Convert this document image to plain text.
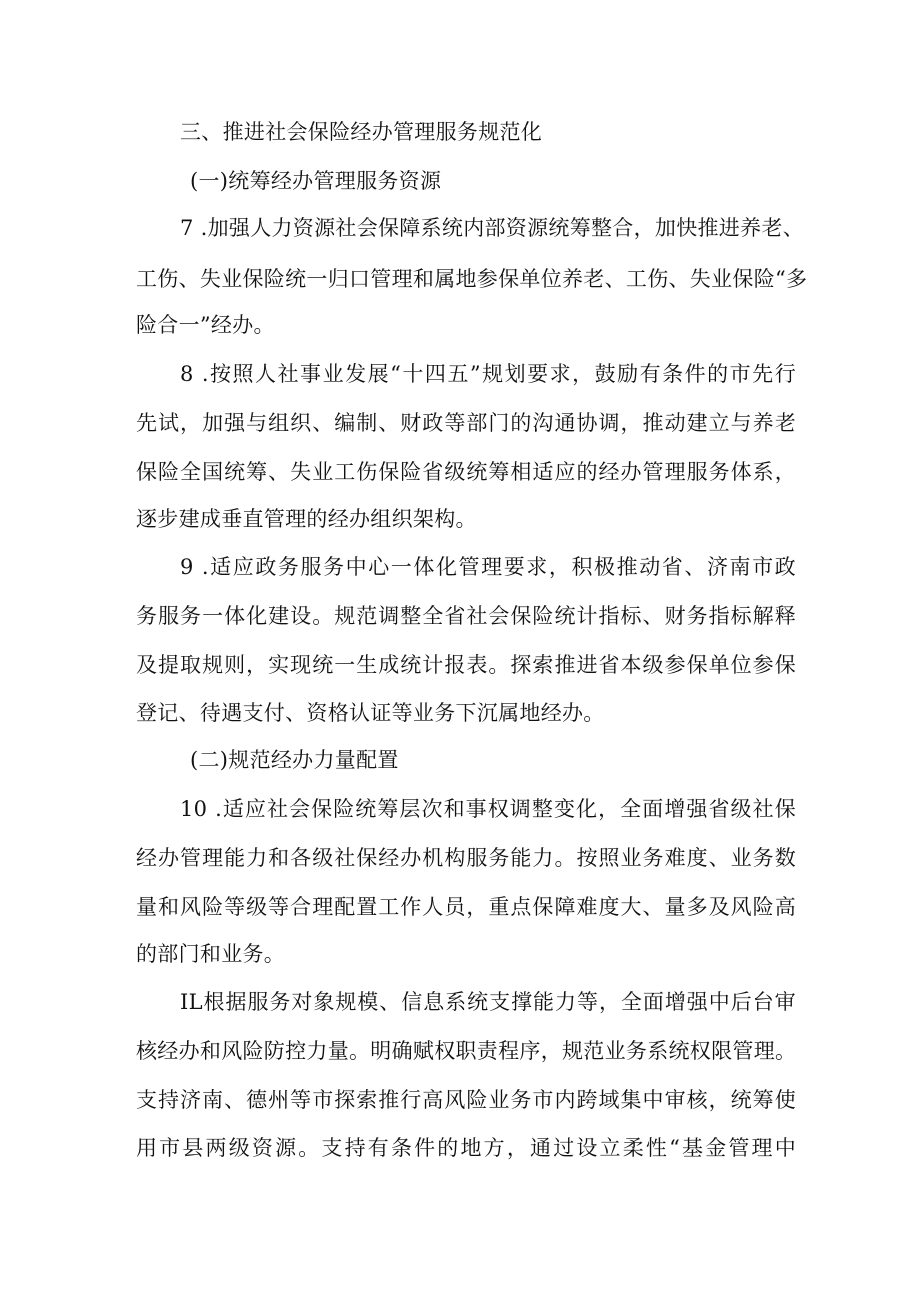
三、推进社会保险经办管理服务规范化
(一)统筹经办管理服务资源
7 .加强人力资源社会保障系统内部资源统筹整合，加快推进养老、
工伤、失业保险统一归口管理和属地参保单位养老、工伤、失业保险“多
险合一”经办。
8 .按照人社事业发展“十四五”规划要求，鼓励有条件的市先行
先试，加强与组织、编制、财政等部门的沟通协调，推动建立与养老
保险全国统筹、失业工伤保险省级统筹相适应的经办管理服务体系，
逐步建成垂直管理的经办组织架构。
9 .适应政务服务中心一体化管理要求，积极推动省、济南市政
务服务一体化建设。规范调整全省社会保险统计指标、财务指标解释
及提取规则，实现统一生成统计报表。探索推进省本级参保单位参保
登记、待遇支付、资格认证等业务下沉属地经办。
(二)规范经办力量配置
10 .适应社会保险统筹层次和事权调整变化，全面增强省级社保
经办管理能力和各级社保经办机构服务能力。按照业务难度、业务数
量和风险等级等合理配置工作人员，重点保障难度大、量多及风险高
的部门和业务。
IL根据服务对象规模、信息系统支撑能力等，全面增强中后台审
核经办和风险防控力量。明确赋权职责程序，规范业务系统权限管理。
支持济南、德州等市探索推行高风险业务市内跨域集中审核，统筹使
用市县两级资源。支持有条件的地方，通过设立柔性“基金管理中
